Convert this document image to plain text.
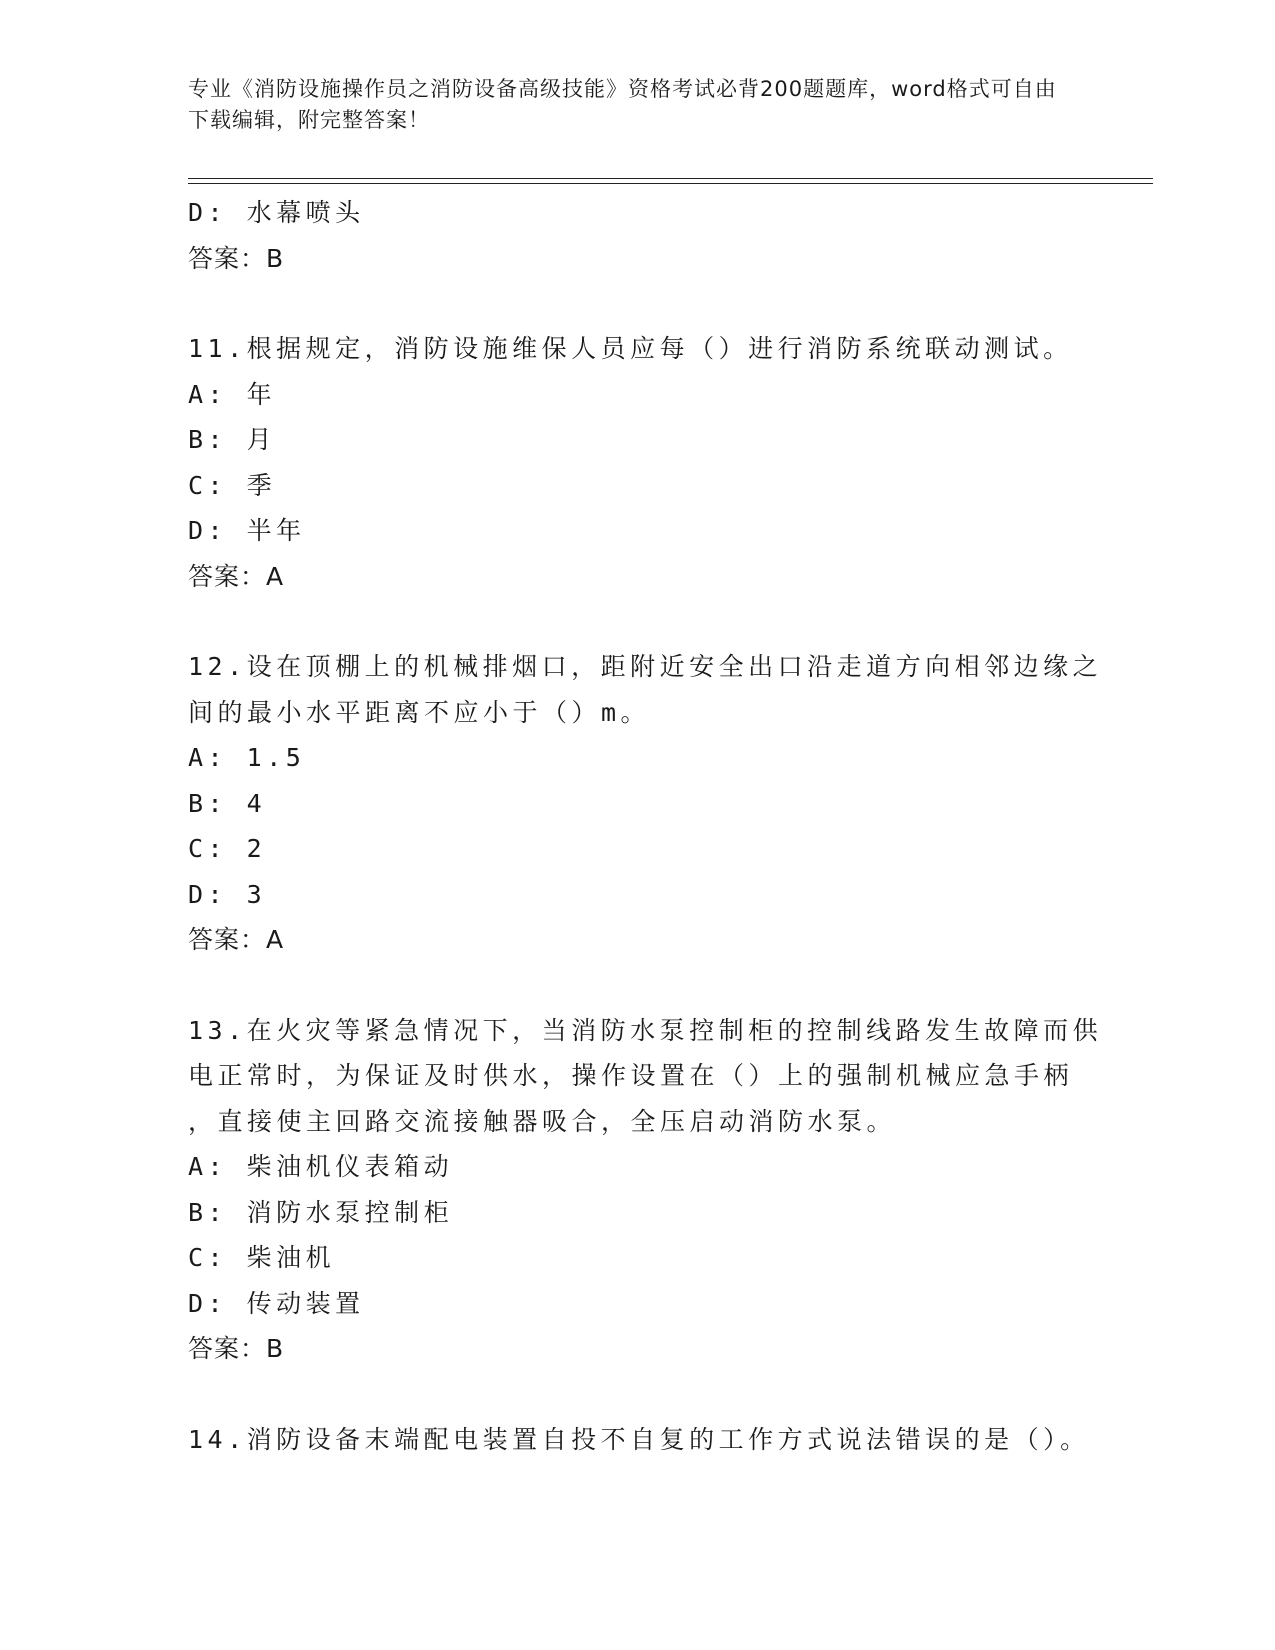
专业《消防设施操作员之消防设备高级技能》资格考试必背200题题库，word格式可自由下载编辑，附完整答案！
D: 水幕喷头
答案：B
11.根据规定，消防设施维保人员应每（）进行消防系统联动测试。
A: 年
B: 月
C: 季
D: 半年
答案：A
12.设在顶棚上的机械排烟口，距附近安全出口沿走道方向相邻边缘之
间的最小水平距离不应小于（）m。
A: 1.5
B: 4
C: 2
D: 3
答案：A
13.在火灾等紧急情况下，当消防水泵控制柜的控制线路发生故障而供
电正常时，为保证及时供水，操作设置在（）上的强制机械应急手柄
，直接使主回路交流接触器吸合，全压启动消防水泵。
A: 柴油机仪表箱动
B: 消防水泵控制柜
C: 柴油机
D: 传动装置
答案：B
14.消防设备末端配电装置自投不自复的工作方式说法错误的是（）。
